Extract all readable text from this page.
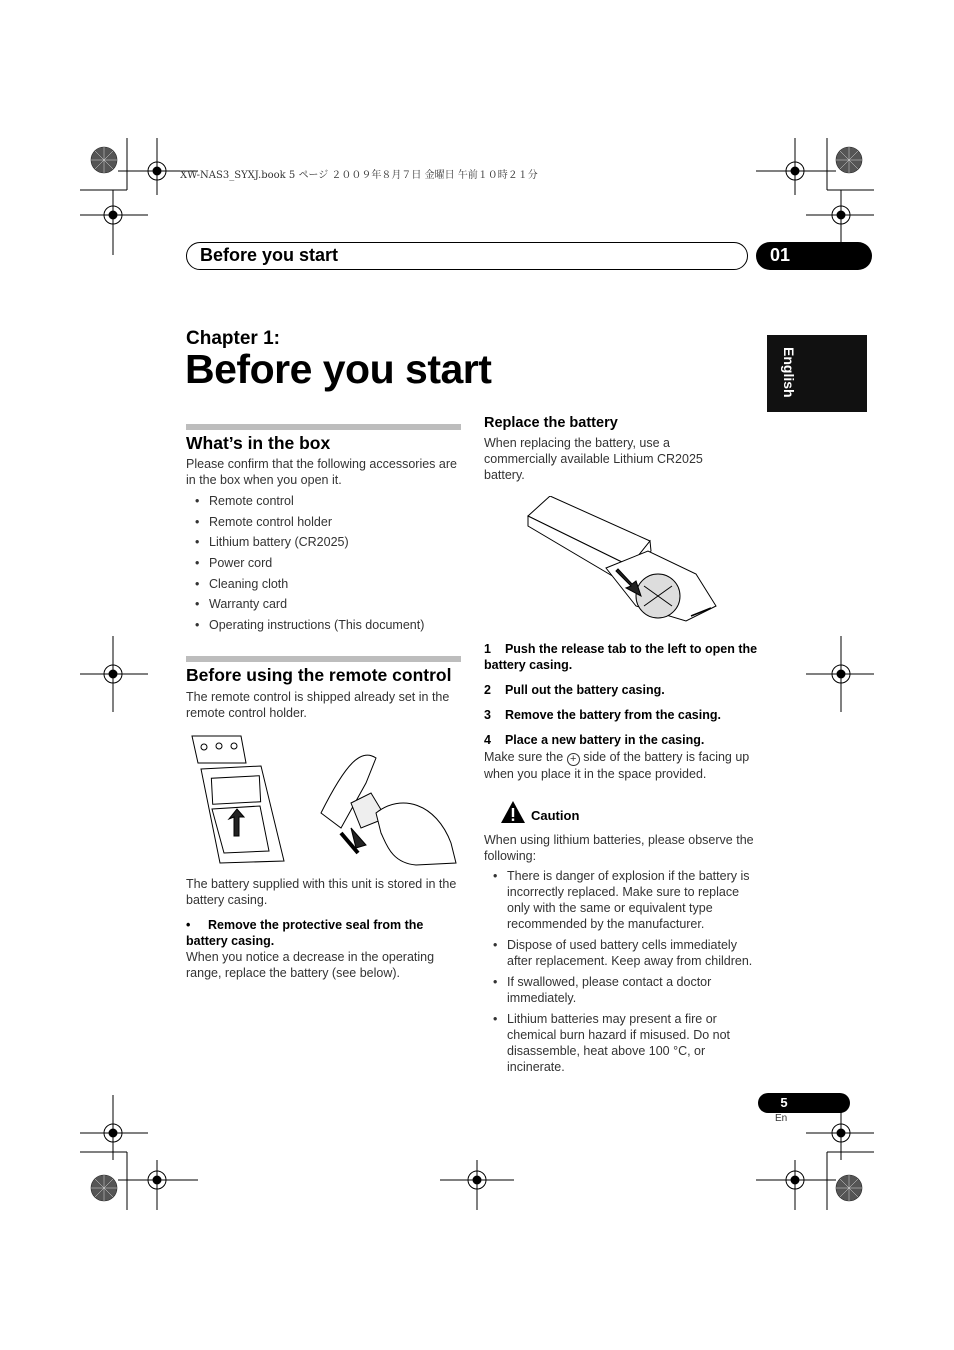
XW-NAS3_SYXJ.book 5 ページ ２００９年８月７日 金曜日 午前１０時２１分
Before you start	01
English
Chapter 1:
Before you start
What’s in the box
Please confirm that the following accessories are in the box when you open it.
• Remote control
• Remote control holder
• Lithium battery (CR2025)
• Power cord
• Cleaning cloth
• Warranty card
• Operating instructions (This document)
Before using the remote control
The remote control is shipped already set in the remote control holder.
The battery supplied with this unit is stored in the battery casing.
• Remove the protective seal from the battery casing.
When you notice a decrease in the operating range, replace the battery (see below).
Replace the battery
When replacing the battery, use a commercially available Lithium CR2025 battery.
1 Push the release tab to the left to open the battery casing.
2 Pull out the battery casing.
3 Remove the battery from the casing.
4 Place a new battery in the casing.
Make sure the + side of the battery is facing up when you place it in the space provided.
Caution
When using lithium batteries, please observe the following:
• There is danger of explosion if the battery is incorrectly replaced. Make sure to replace only with the same or equivalent type recommended by the manufacturer.
• Dispose of used battery cells immediately after replacement. Keep away from children.
• If swallowed, please contact a doctor immediately.
• Lithium batteries may present a fire or chemical burn hazard if misused. Do not disassemble, heat above 100 °C, or incinerate.
5
En
